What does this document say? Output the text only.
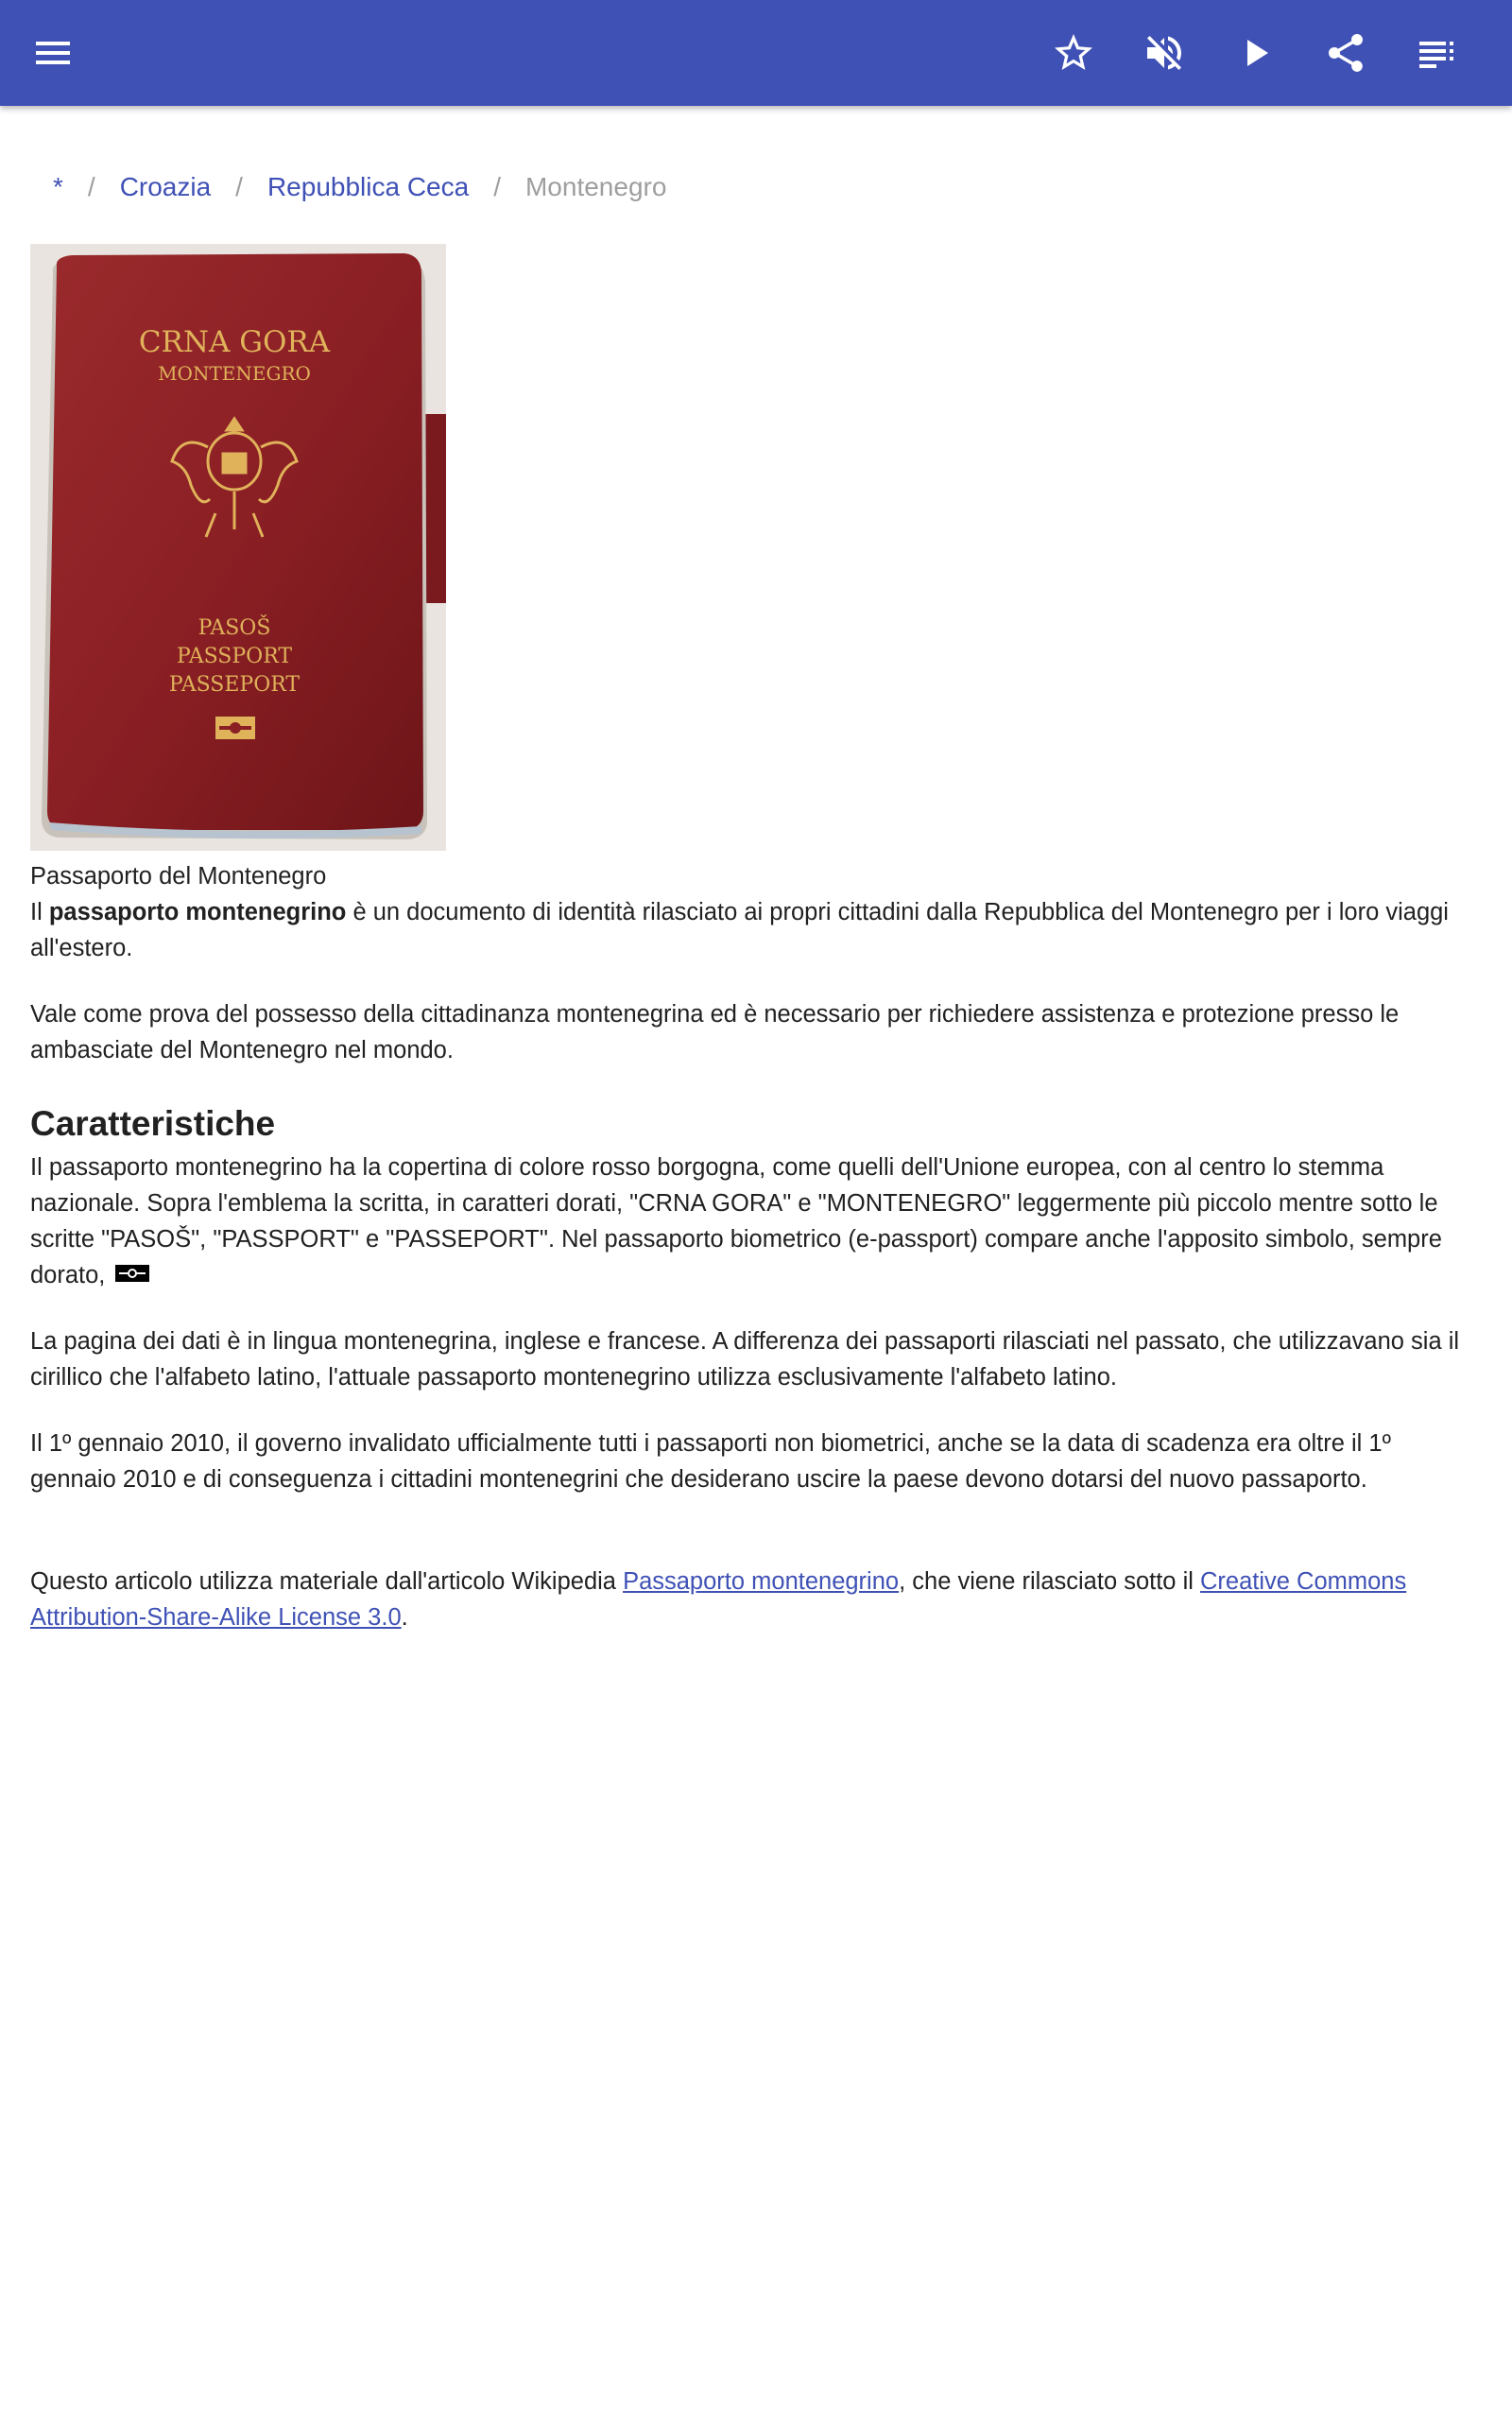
* / Croazia / Repubblica Ceca / Montenegro
CRNA GORA
MONTENEGRO
PASOŠ
PASSPORT
PASSEPORT

Passaporto del Montenegro

Il passaporto montenegrino è un documento di identità rilasciato ai propri cittadini dalla Repubblica del Montenegro per i loro viaggi all'estero.

Vale come prova del possesso della cittadinanza montenegrina ed è necessario per richiedere assistenza e protezione presso le ambasciate del Montenegro nel mondo.

Caratteristiche

Il passaporto montenegrino ha la copertina di colore rosso borgogna, come quelli dell'Unione europea, con al centro lo stemma nazionale. Sopra l'emblema la scritta, in caratteri dorati, "CRNA GORA" e "MONTENEGRO" leggermente più piccolo mentre sotto le scritte "PASOŠ", "PASSPORT" e "PASSEPORT". Nel passaporto biometrico (e-passport) compare anche l'apposito simbolo, sempre dorato,

La pagina dei dati è in lingua montenegrina, inglese e francese. A differenza dei passaporti rilasciati nel passato, che utilizzavano sia il cirillico che l'alfabeto latino, l'attuale passaporto montenegrino utilizza esclusivamente l'alfabeto latino.

Il 1º gennaio 2010, il governo invalidato ufficialmente tutti i passaporti non biometrici, anche se la data di scadenza era oltre il 1º gennaio 2010 e di conseguenza i cittadini montenegrini che desiderano uscire la paese devono dotarsi del nuovo passaporto.

Questo articolo utilizza materiale dall'articolo Wikipedia Passaporto montenegrino, che viene rilasciato sotto il Creative Commons Attribution-Share-Alike License 3.0.
